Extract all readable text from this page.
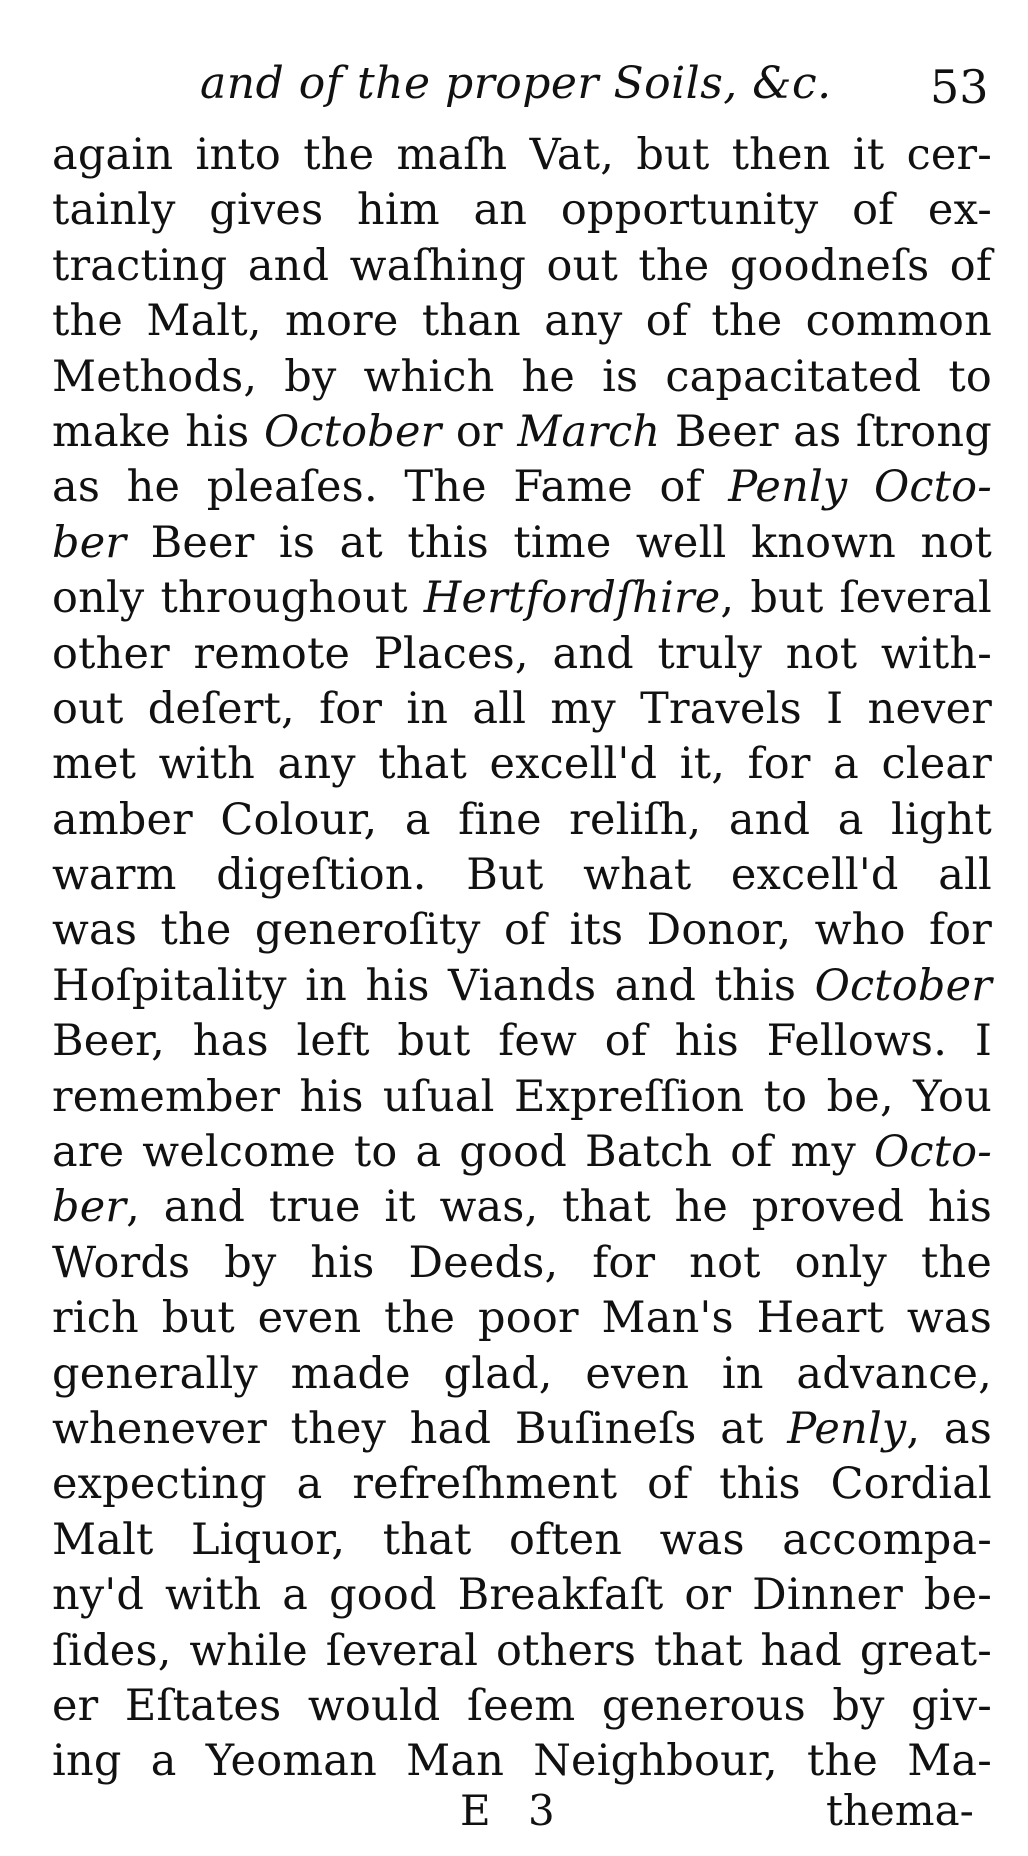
and of the proper Soils, &c.	53
again into the maſh Vat, but then it cer-
tainly gives him an opportunity of ex-
tracting and waſhing out the goodneſs of
the Malt, more than any of the common
Methods, by which he is capacitated to
make his October or March Beer as ſtrong
as he pleaſes. The Fame of Penly Octo-
ber Beer is at this time well known not
only throughout Hertfordſhire, but ſeveral
other remote Places, and truly not with-
out deſert, for in all my Travels I never
met with any that excell'd it, for a clear
amber Colour, a fine reliſh, and a light
warm digeſtion. But what excell'd all
was the generoſity of its Donor, who for
Hoſpitality in his Viands and this October
Beer, has left but few of his Fellows. I
remember his uſual Expreſſion to be, You
are welcome to a good Batch of my Octo-
ber, and true it was, that he proved his
Words by his Deeds, for not only the
rich but even the poor Man's Heart was
generally made glad, even in advance,
whenever they had Buſineſs at Penly, as
expecting a refreſhment of this Cordial
Malt Liquor, that often was accompa-
ny'd with a good Breakfaſt or Dinner be-
ſides, while ſeveral others that had great-
er Eſtates would ſeem generous by giv-
ing a Yeoman Man Neighbour, the Ma-
E 3	thema-
